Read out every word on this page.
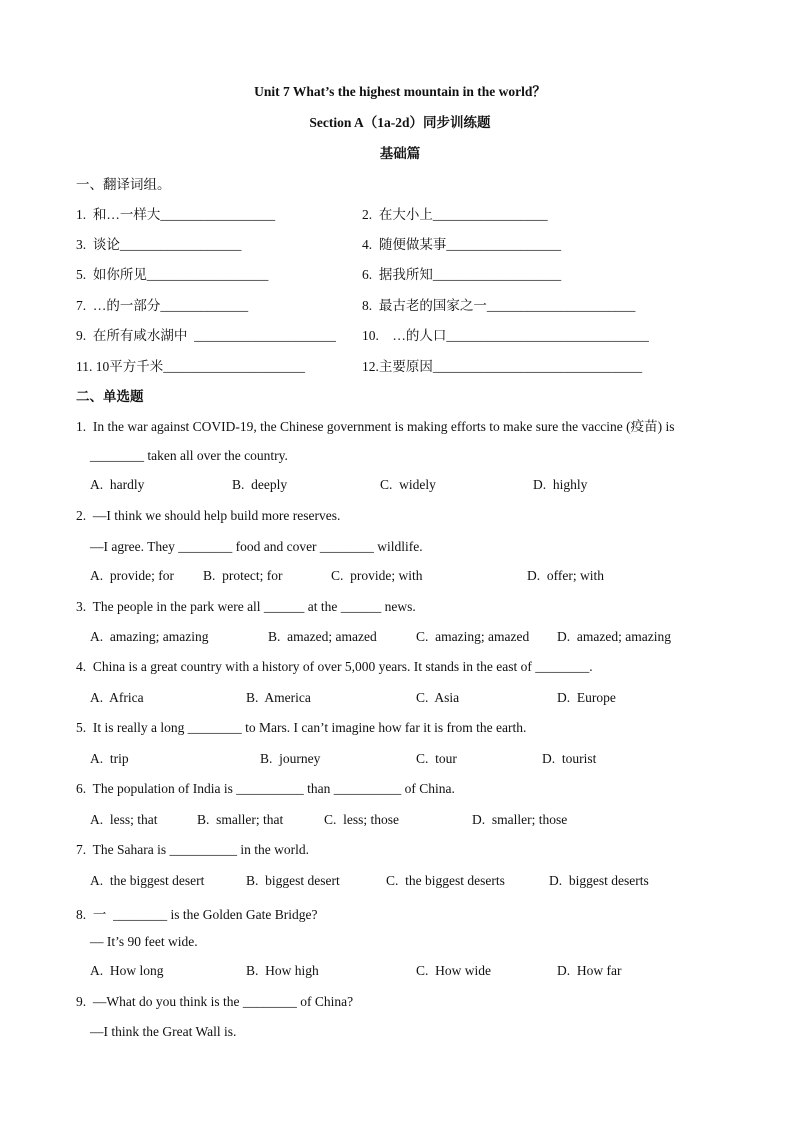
Unit 7 What’s the highest mountain in the world？
Section A（1a-2d）同步训练题
基础篇
一、翻译词组。
1.  和…一样大_________________	2.  在大小上_________________
3.  谈论__________________	4.  随便做某事_________________
5.  如你所见__________________	6.  据我所知___________________
7.  …的一部分_____________	8.  最古老的国家之一______________________
9.  在所有咸水湖中  _____________________ 10.    …的人口______________________________
11. 10平方千米_____________________	12.主要原因_______________________________
二、单选题
1.  In the war against COVID-19, the Chinese government is making efforts to make sure the vaccine (疫苗) is
________ taken all over the country.
A.  hardly	B.  deeply	C.  widely	D.  highly
2.  —I think we should help build more reserves.
—I agree. They ________ food and cover ________ wildlife.
A.  provide; for B.  protect; for	C.  provide; with	D.  offer; with
3.  The people in the park were all ______ at the ______ news.
A.  amazing; amazing	B.  amazed; amazed	C.  amazing; amazed D.  amazed; amazing
4.  China is a great country with a history of over 5,000 years. It stands in the east of ________.
A.  Africa	B.  America	C.  Asia	D.  Europe
5.  It is really a long ________ to Mars. I can’t imagine how far it is from the earth.
A.  trip	B.  journey	C.  tour	D.  tourist
6.  The population of India is __________ than __________ of China.
A.  less; that	B.  smaller; that	C.  less; those	D.  smaller; those
7.  The Sahara is __________ in the world.
A.  the biggest desert	B.  biggest desert	C.  the biggest deserts	D.  biggest deserts
8.  一  ________ is the Golden Gate Bridge?
— It’s 90 feet wide.
A.  How long	B.  How high	C.  How wide	D.  How far
9.  —What do you think is the ________ of China?
—I think the Great Wall is.
